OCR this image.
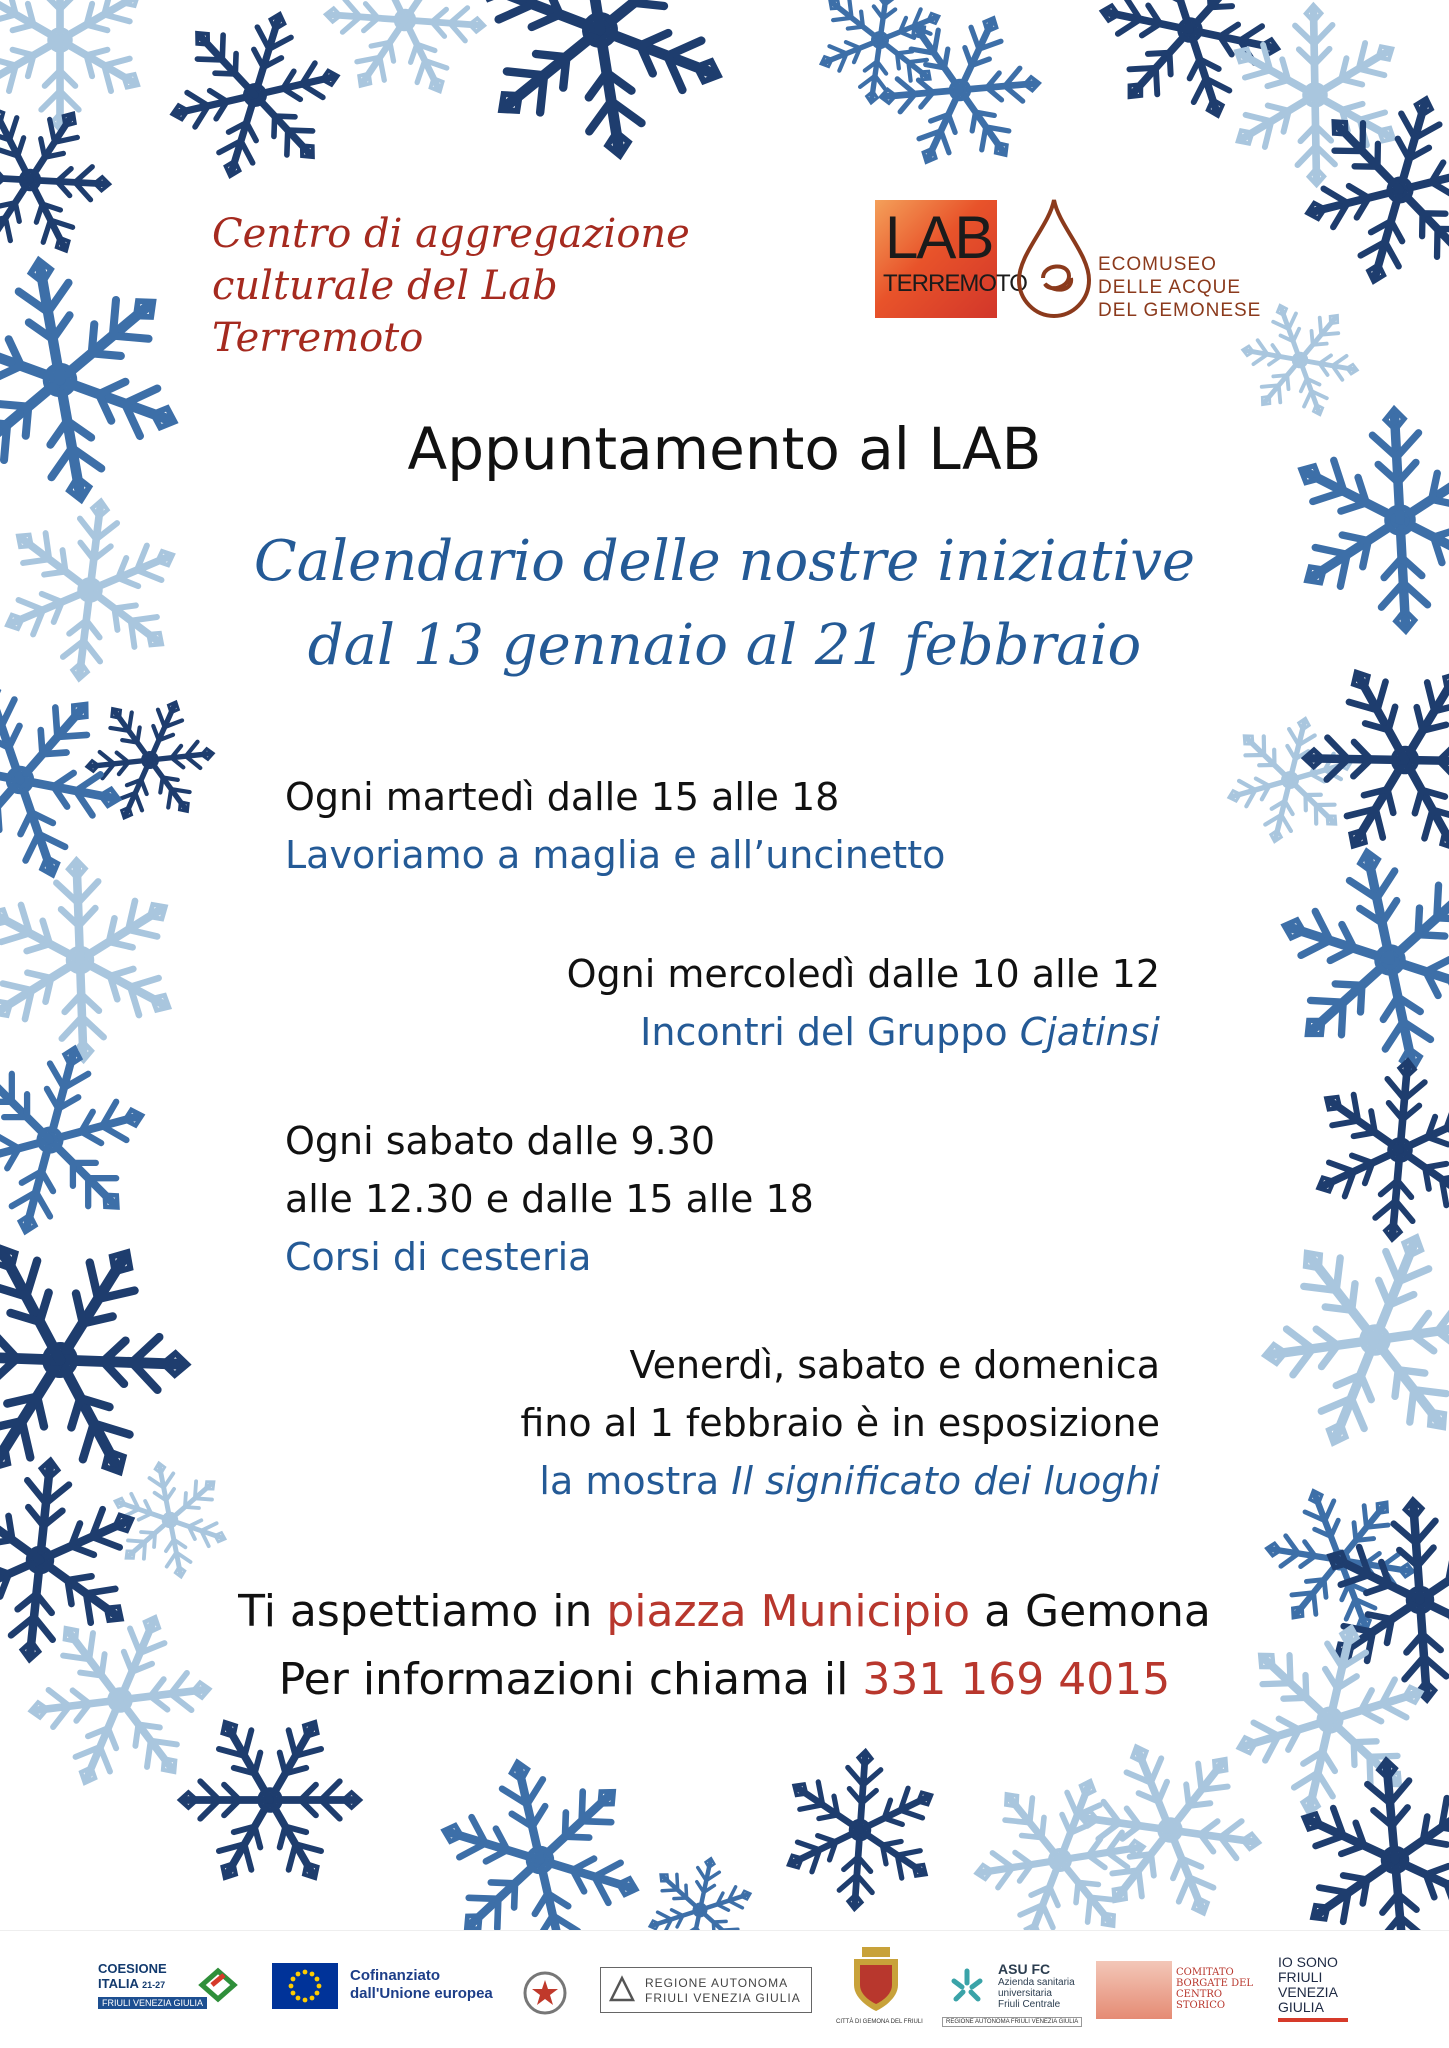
Centro di aggregazione
culturale del Lab Terremoto
LAB
TERREMOTO
ECOMUSEO
DELLE ACQUE
DEL GEMONESE
Appuntamento al LAB
Calendario delle nostre iniziative
dal 13 gennaio al 21 febbraio
Ogni martedì dalle 15 alle 18
Lavoriamo a maglia e all’uncinetto
Ogni mercoledì dalle 10 alle 12
Incontri del Gruppo Cjatinsi
Ogni sabato dalle 9.30
alle 12.30 e dalle 15 alle 18
Corsi di cesteria
Venerdì, sabato e domenica
fino al 1 febbraio è in esposizione
la mostra Il significato dei luoghi
Ti aspettiamo in piazza Municipio a Gemona
Per informazioni chiama il 331 169 4015
COESIONE
ITALIA 21-27
FRIULI VENEZIA GIULIA
Cofinanziato
dall'Unione europea
REGIONE AUTONOMA
FRIULI VENEZIA GIULIA
CITTÀ DI GEMONA DEL FRIULI
ASU FC
Azienda sanitaria
universitaria
Friuli Centrale
REGIONE AUTONOMA FRIULI VENEZIA GIULIA
COMITATO
BORGATE DEL
CENTRO
STORICO
IO SONO
FRIULI
VENEZIA
GIULIA
